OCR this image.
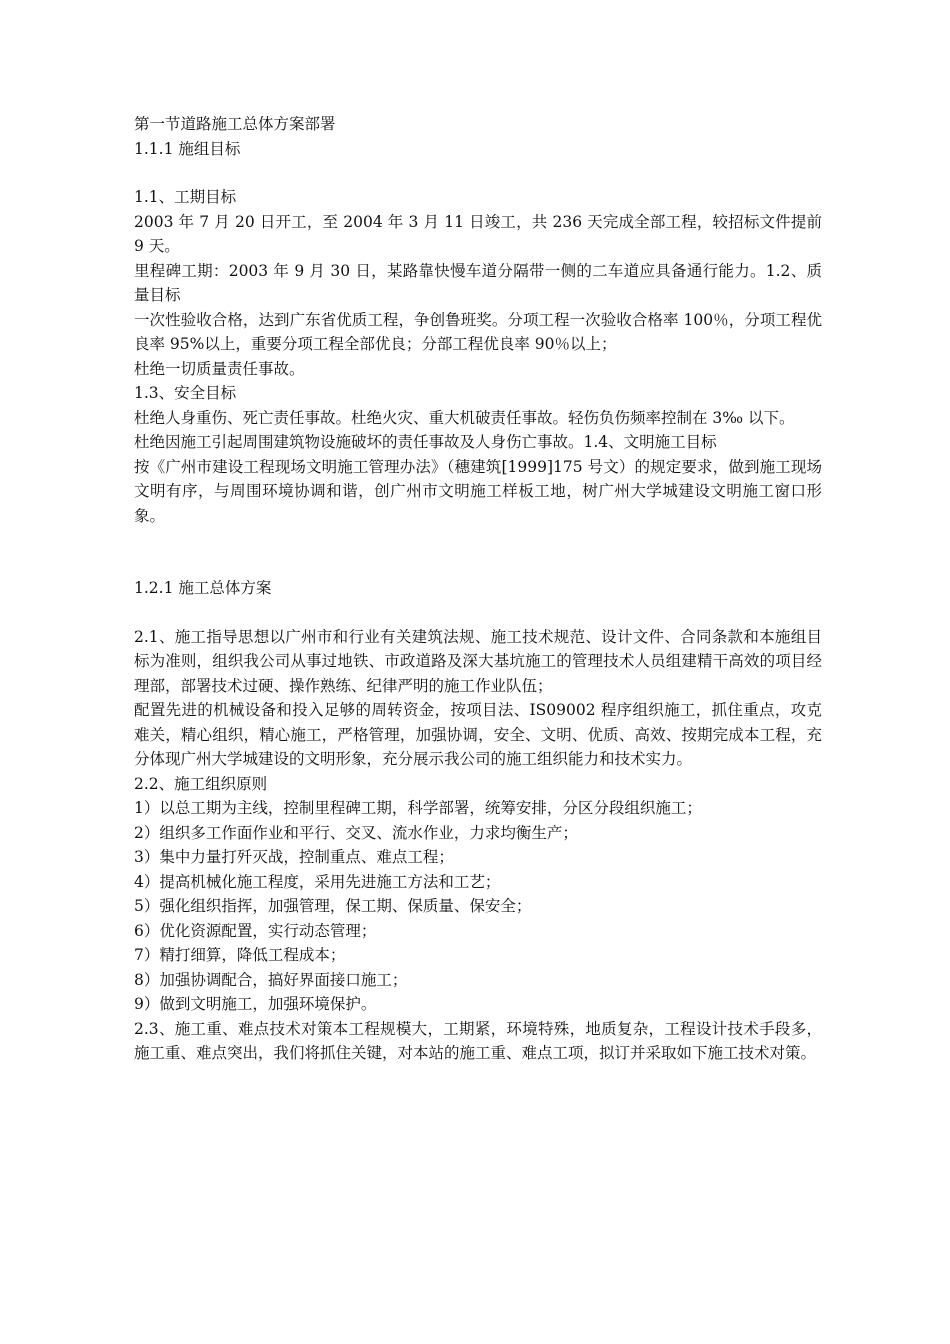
第一节道路施工总体方案部署
1.1.1 施组目标
1.1、工期目标
2003 年 7 月 20 日开工，至 2004 年 3 月 11 日竣工，共 236 天完成全部工程，较招标文件提前 9 天。
里程碑工期：2003 年 9 月 30 日，某路靠快慢车道分隔带一侧的二车道应具备通行能力。1.2、质量目标
一次性验收合格，达到广东省优质工程，争创鲁班奖。分项工程一次验收合格率 100％，分项工程优良率 95%以上，重要分项工程全部优良；分部工程优良率 90％以上；
杜绝一切质量责任事故。
1.3、安全目标
杜绝人身重伤、死亡责任事故。杜绝火灾、重大机破责任事故。轻伤负伤频率控制在 3‰ 以下。
杜绝因施工引起周围建筑物设施破坏的责任事故及人身伤亡事故。1.4、文明施工目标
按《广州市建设工程现场文明施工管理办法》（穗建筑[1999]175 号文）的规定要求，做到施工现场文明有序，与周围环境协调和谐，创广州市文明施工样板工地，树广州大学城建设文明施工窗口形象。
1.2.1 施工总体方案
2.1、施工指导思想以广州市和行业有关建筑法规、施工技术规范、设计文件、合同条款和本施组目标为准则，组织我公司从事过地铁、市政道路及深大基坑施工的管理技术人员组建精干高效的项目经理部，部署技术过硬、操作熟练、纪律严明的施工作业队伍；
配置先进的机械设备和投入足够的周转资金，按项目法、IS09002 程序组织施工，抓住重点，攻克难关，精心组织，精心施工，严格管理，加强协调，安全、文明、优质、高效、按期完成本工程，充分体现广州大学城建设的文明形象，充分展示我公司的施工组织能力和技术实力。
2.2、施工组织原则
1）以总工期为主线，控制里程碑工期，科学部署，统筹安排，分区分段组织施工；
2）组织多工作面作业和平行、交叉、流水作业，力求均衡生产；
3）集中力量打歼灭战，控制重点、难点工程；
4）提高机械化施工程度，采用先进施工方法和工艺；
5）强化组织指挥，加强管理，保工期、保质量、保安全；
6）优化资源配置，实行动态管理；
7）精打细算，降低工程成本；
8）加强协调配合，搞好界面接口施工；
9）做到文明施工，加强环境保护。
2.3、施工重、难点技术对策本工程规模大，工期紧，环境特殊，地质复杂，工程设计技术手段多，施工重、难点突出，我们将抓住关键，对本站的施工重、难点工项，拟订并采取如下施工技术对策。
